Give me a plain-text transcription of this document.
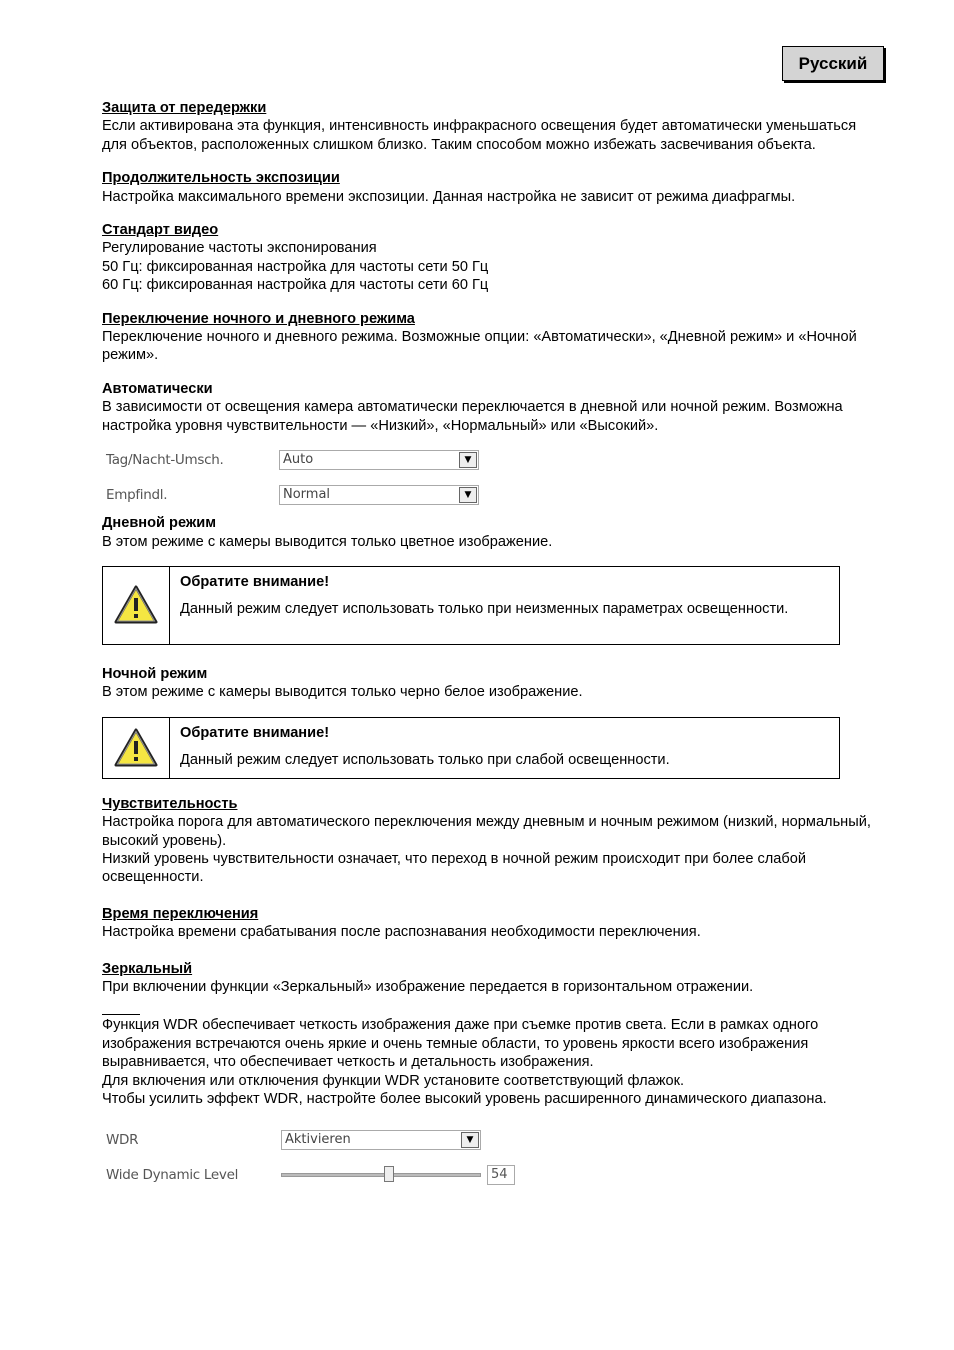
Русский
Защита от передержки

Если активирована эта функция, интенсивность инфракрасного освещения будет автоматически уменьшаться для объектов, расположенных слишком близко. Таким способом можно избежать засвечивания объекта.

Продолжительность экспозиции

Настройка максимального времени экспозиции. Данная настройка не зависит от режима диафрагмы.

Стандарт видео

Регулирование частоты экспонирования

50 Гц: фиксированная настройка для частоты сети 50 Гц

60 Гц: фиксированная настройка для частоты сети 60 Гц

Переключение ночного и дневного режима

Переключение ночного и дневного режима. Возможные опции: «Автоматически», «Дневной режим» и «Ночной режим».

Автоматически

В зависимости от освещения камера автоматически переключается в дневной или ночной режим. Возможна настройка уровня чувствительности — «Низкий», «Нормальный» или «Высокий».

Tag/Nacht-Umsch.	Auto	▼
Empfindl.	Normal	▼
Дневной режим

В этом режиме с камеры выводится только цветное изображение.

Обратите внимание!
Данный режим следует использовать только при неизменных параметрах освещенности.
Ночной режим

В этом режиме с камеры выводится только черно белое изображение.

Обратите внимание!
Данный режим следует использовать только при слабой освещенности.
Чувствительность

Настройка порога для автоматического переключения между дневным и ночным режимом (низкий, нормальный, высокий уровень).

Низкий уровень чувствительности означает, что переход в ночной режим происходит при более слабой освещенности.

Время переключения

Настройка времени срабатывания после распознавания необходимости переключения.

Зеркальный

При включении функции «Зеркальный» изображение передается в горизонтальном отражении.

Функция WDR обеспечивает четкость изображения даже при съемке против света. Если в рамках одного изображения встречаются очень яркие и очень темные области, то уровень яркости всего изображения выравнивается, что обеспечивает четкость и детальность изображения.

Для включения или отключения функции WDR установите соответствующий флажок.

Чтобы усилить эффект WDR, настройте более высокий уровень расширенного динамического диапазона.

WDR	Aktivieren	▼
Wide Dynamic Level	54
